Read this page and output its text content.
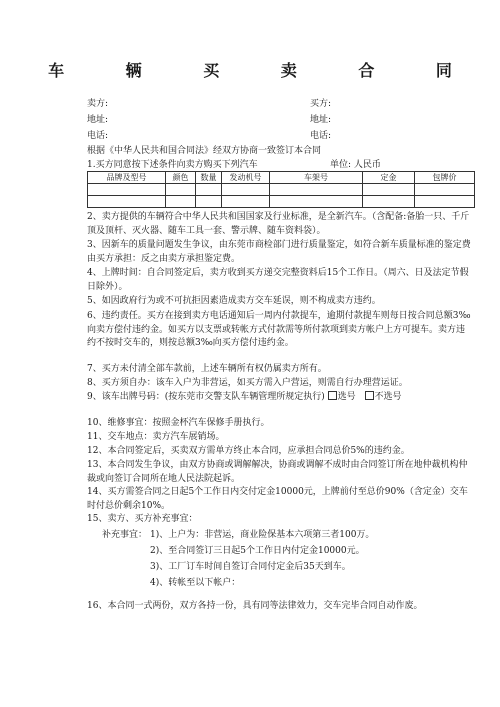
车 辆 买 卖 合 同
卖方:	买方:
地址:	地址:
电话:	电话:
根据《中华人民共和国合同法》经双方协商一致签订本合同
1.买方同意按下述条件向卖方购买下列汽车	单位: 人民币
品牌及型号	颜色	数量	发动机号	车架号	定金	包牌价

2、卖方提供的车辆符合中华人民共和国国家及行业标准，是全新汽车。（含配备:备胎一只、千斤顶及顶杆、灭火器、随车工具一套、警示牌、随车资料袋）。
3、因新车的质量问题发生争议，由东莞市商检部门进行质量鉴定，如符合新车质量标准的鉴定费由买方承担：反之由卖方承担鉴定费。
4、上牌时间：自合同签定后，卖方收到买方递交完整资料后15个工作日。（周六、日及法定节假日除外）。
5、如因政府行为或不可抗拒因素造成卖方交车延误，则不构成卖方违约。
6、违约责任。买方在接到卖方电话通知后一周内付款提车，逾期付款提车则每日按合同总额3‰向卖方偿付违约金。如买方以支票或转帐方式付款需等所付款项到卖方帐户上方可提车。卖方违约不按时交车的，则按总额3‰向买方偿付违约金。
7、买方未付清全部车款前，上述车辆所有权仍属卖方所有。
8、买方须自办：该车入户为非营运，如买方需入户营运，则需自行办理营运证。
9、该车出牌号码：(按东莞市交警支队车辆管理所规定执行) 选号 不选号
10、维修事宜：按照金杯汽车保修手册执行。
11、交车地点：卖方汽车展销场。
12、本合同签定后，买卖双方需单方终止本合同，应承担合同总价5%的违约金。
13、本合同发生争议，由双方协商或调解解决，协商或调解不成时由合同签订所在地仲裁机构仲裁或向签订合同所在地人民法院起诉。
14、买方需签合同之日起5个工作日内交付定金10000元，上牌前付至总价90%（含定金）交车时付总价剩余10%。
15、卖方、买方补充事宜：
补充事宜： 1)、上户为：非营运，商业险保基本六项第三者100万。
2)、至合同签订三日起5个工作日内付定金10000元。
3)、工厂订车时间自签订合同付定金后35天到车。
4)、转帐至以下帐户：
16、本合同一式两份，双方各持一份，具有同等法律效力，交车完毕合同自动作废。
